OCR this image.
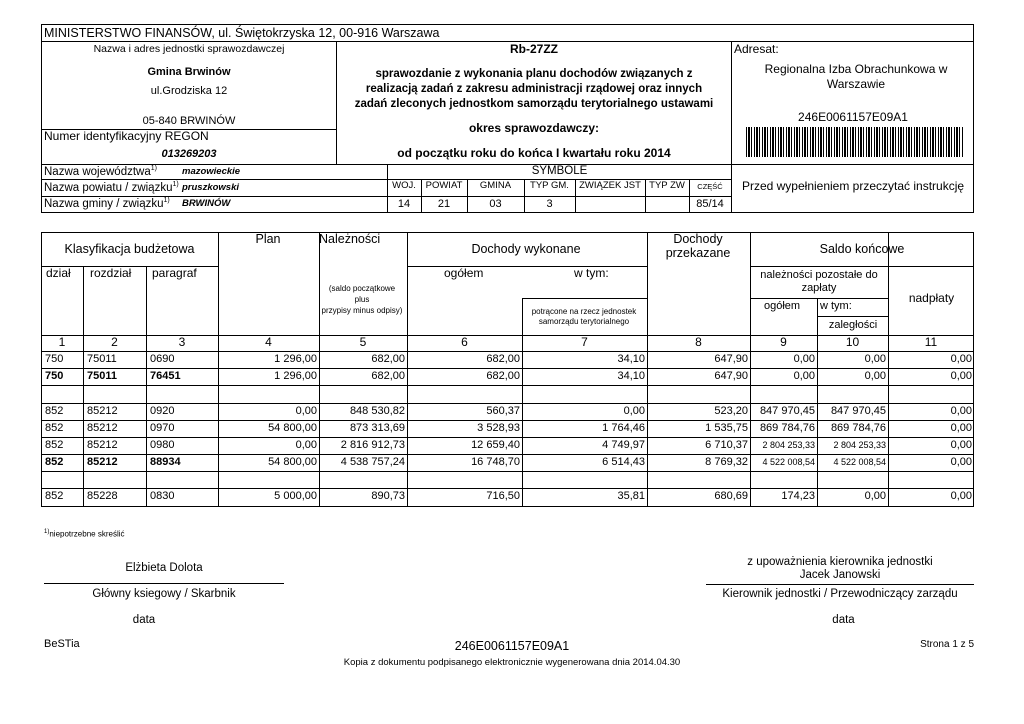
MINISTERSTWO FINANSÓW, ul. Świętokrzyska 12, 00-916 Warszawa
Nazwa i adres jednostki sprawozdawczej
Gmina Brwinów
ul.Grodziska 12
05-840 BRWINÓW
Numer identyfikacyjny REGON
013269203
Rb-27ZZ
sprawozdanie z wykonania planu dochodów związanych z realizacją zadań z zakresu administracji rządowej oraz innych zadań zleconych jednostkom samorządu terytorialnego ustawami
okres sprawozdawczy:
od początku roku do końca I kwartału roku 2014
Adresat:
Regionalna Izba Obrachunkowa w Warszawie
246E0061157E09A1
Nazwa województwa$^{1)}$	mazowieckie
Nazwa powiatu / związku$^{1)}$ pruszkowski
Nazwa gminy / związku$^{1)}$ BRWINÓW
SYMBOLE
WOJ.
14
POWIAT
21
GMINA
03
TYP GM.
3
ZWIĄZEK JST TYP ZW	CZĘŚĆ
85/14
Przed wypełnieniem przeczytać instrukcję
Klasyfikacja budżetowa
Plan	Należności
(saldo początkowe
plus
przypisy minus odpisy)
Dochody wykonane
Dochody przekazane	Saldo końcowe
dział rozdział paragraf	ogółem	w tym:
potrącone na rzecz jednostek samorządu terytorialnego
należności pozostałe do zapłaty
ogółem w tym:
zaległości
nadpłaty
1	2	3	4	5	6	7	8	9	10	11
750 75011	0690	1 296,00	682,00	682,00	34,10	647,90	0,00	0,00	0,00
750 75011	76451	1 296,00	682,00	682,00	34,10	647,90	0,00	0,00	0,00
852 85212	0920	0,00	848 530,82	560,37	0,00	523,20	847 970,45	847 970,45	0,00
852 85212	0970	54 800,00	873 313,69	3 528,93	1 764,46	1 535,75	869 784,76	869 784,76	0,00
852 85212	0980	0,00	2 816 912,73	12 659,40	4 749,97	6 710,37	2 804 253,33	2 804 253,33	0,00
852 85212	88934	54 800,00	4 538 757,24	16 748,70	6 514,43	8 769,32	4 522 008,54	4 522 008,54	0,00
852 85228	0830	5 000,00	890,73	716,50	35,81	680,69	174,23	0,00	0,00
$^{1)}$niepotrzebne skreślić
Elżbieta Dolota
Główny ksiegowy / Skarbnik
data
z upoważnienia kierownika jednostki
Jacek Janowski
Kierownik jednostki / Przewodniczący zarządu
data
BeSTia	246E0061157E09A1	Strona 1 z 5
Kopia z dokumentu podpisanego elektronicznie wygenerowana dnia 2014.04.30
